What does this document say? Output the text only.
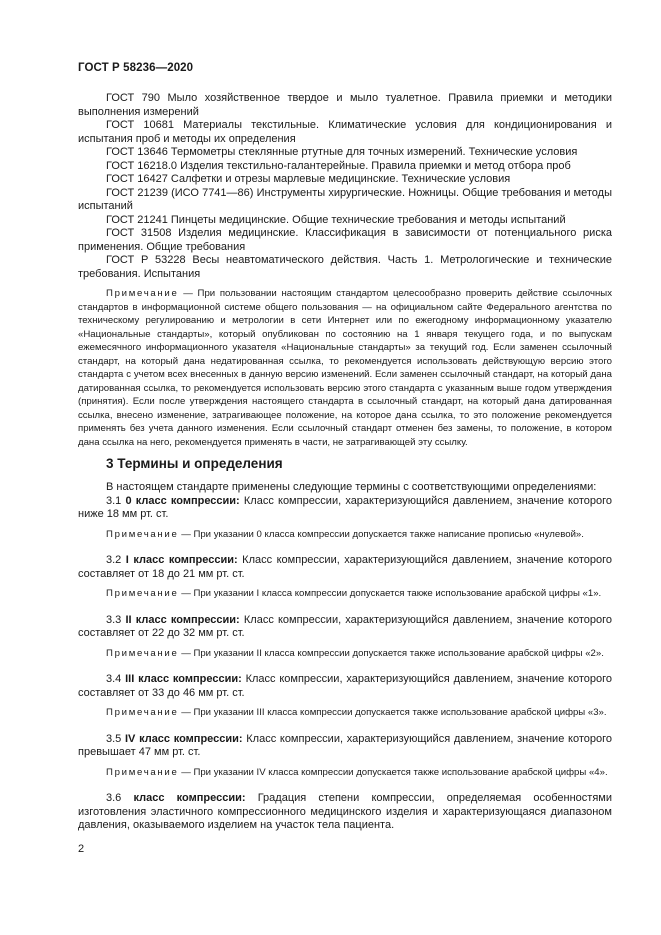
ГОСТ Р 58236—2020

ГОСТ 790 Мыло хозяйственное твердое и мыло туалетное. Правила приемки и методики выполнения измерений

ГОСТ 10681 Материалы текстильные. Климатические условия для кондиционирования и испытания проб и методы их определения

ГОСТ 13646 Термометры стеклянные ртутные для точных измерений. Технические условия

ГОСТ 16218.0 Изделия текстильно-галантерейные. Правила приемки и метод отбора проб

ГОСТ 16427 Салфетки и отрезы марлевые медицинские. Технические условия

ГОСТ 21239 (ИСО 7741—86) Инструменты хирургические. Ножницы. Общие требования и методы испытаний

ГОСТ 21241 Пинцеты медицинские. Общие технические требования и методы испытаний

ГОСТ 31508 Изделия медицинские. Классификация в зависимости от потенциального риска применения. Общие требования

ГОСТ Р 53228 Весы неавтоматического действия. Часть 1. Метрологические и технические требования. Испытания

Примечание — При пользовании настоящим стандартом целесообразно проверить действие ссылочных стандартов в информационной системе общего пользования — на официальном сайте Федерального агентства по техническому регулированию и метрологии в сети Интернет или по ежегодному информационному указателю «Национальные стандарты», который опубликован по состоянию на 1 января текущего года, и по выпускам ежемесячного информационного указателя «Национальные стандарты» за текущий год. Если заменен ссылочный стандарт, на который дана недатированная ссылка, то рекомендуется использовать действующую версию этого стандарта с учетом всех внесенных в данную версию изменений. Если заменен ссылочный стандарт, на который дана датированная ссылка, то рекомендуется использовать версию этого стандарта с указанным выше годом утверждения (принятия). Если после утверждения настоящего стандарта в ссылочный стандарт, на который дана датированная ссылка, внесено изменение, затрагивающее положение, на которое дана ссылка, то это положение рекомендуется применять без учета данного изменения. Если ссылочный стандарт отменен без замены, то положение, в котором дана ссылка на него, рекомендуется применять в части, не затрагивающей эту ссылку.

3 Термины и определения

В настоящем стандарте применены следующие термины с соответствующими определениями:

3.1 0 класс компрессии: Класс компрессии, характеризующийся давлением, значение которого ниже 18 мм рт. ст.

Примечание — При указании 0 класса компрессии допускается также написание прописью «нулевой».

3.2 I класс компрессии: Класс компрессии, характеризующийся давлением, значение которого составляет от 18 до 21 мм рт. ст.

Примечание — При указании I класса компрессии допускается также использование арабской цифры «1».

3.3 II класс компрессии: Класс компрессии, характеризующийся давлением, значение которого составляет от 22 до 32 мм рт. ст.

Примечание — При указании II класса компрессии допускается также использование арабской цифры «2».

3.4 III класс компрессии: Класс компрессии, характеризующийся давлением, значение которого составляет от 33 до 46 мм рт. ст.

Примечание — При указании III класса компрессии допускается также использование арабской цифры «3».

3.5 IV класс компрессии: Класс компрессии, характеризующийся давлением, значение которого превышает 47 мм рт. ст.

Примечание — При указании IV класса компрессии допускается также использование арабской цифры «4».

3.6 класс компрессии: Градация степени компрессии, определяемая особенностями изготовления эластичного компрессионного медицинского изделия и характеризующаяся диапазоном давления, оказываемого изделием на участок тела пациента.

2
